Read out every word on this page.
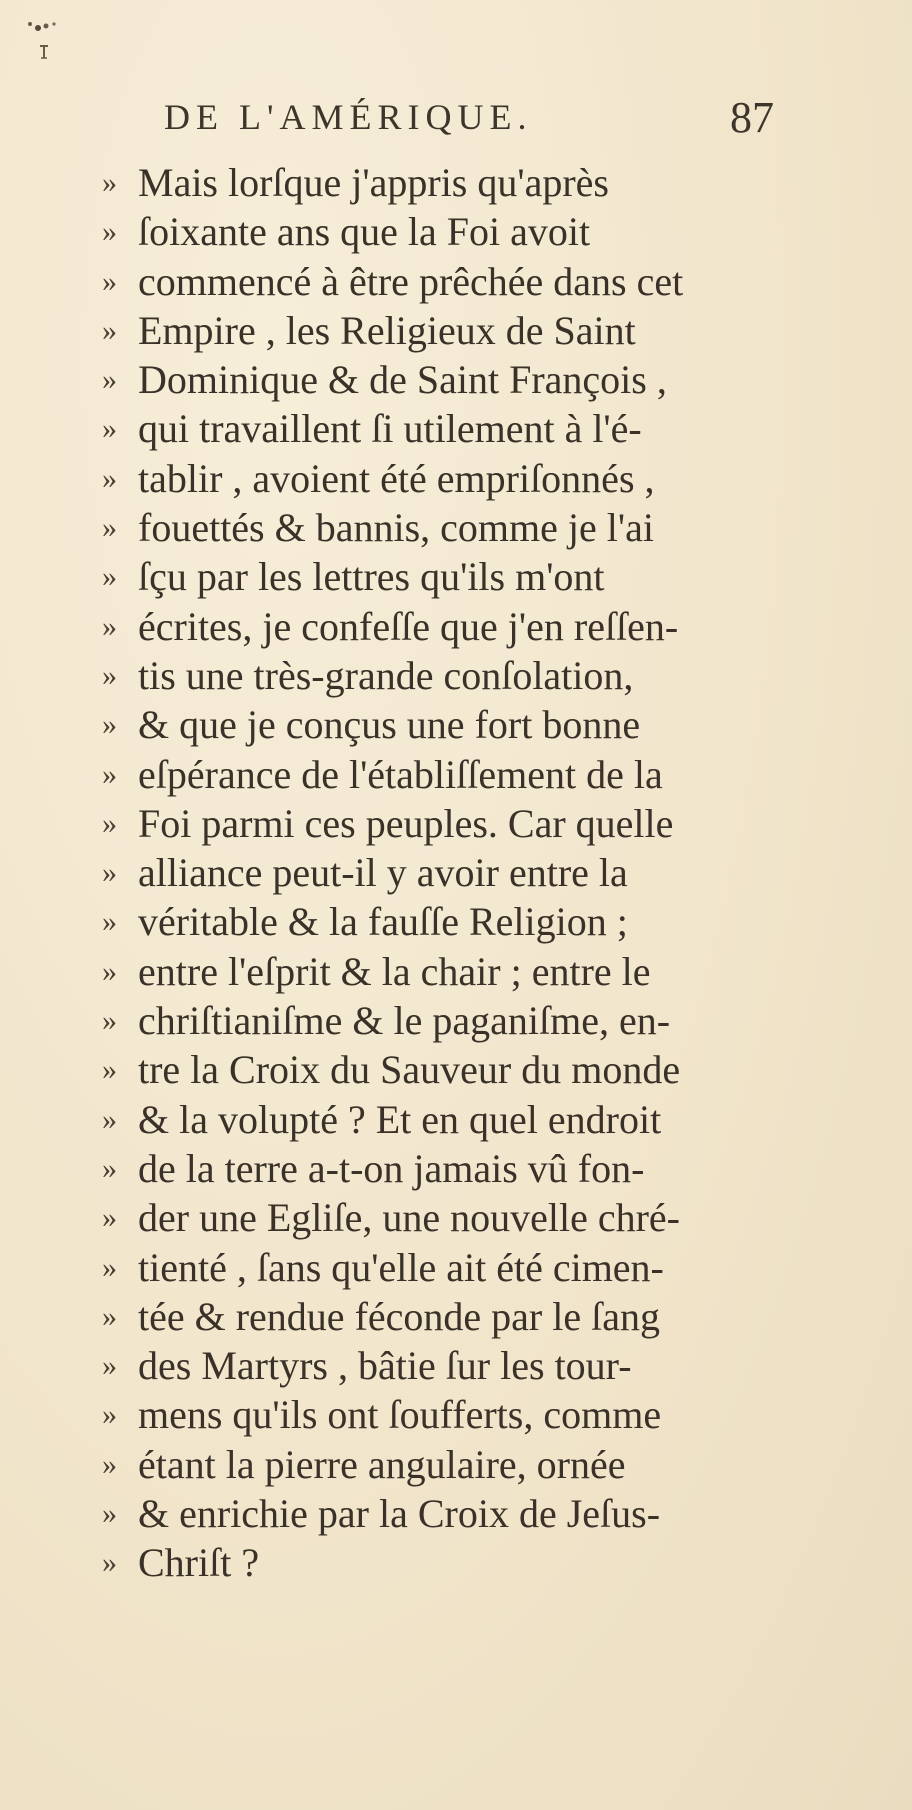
DE L'AMÉRIQUE.	87
» Mais lorſque j'appris qu'après
» ſoixante ans que la Foi avoit
» commencé à être prêchée dans cet
» Empire , les Religieux de Saint
» Dominique & de Saint François ,
» qui travaillent ſi utilement à l'é-
» tablir , avoient été empriſonnés ,
» fouettés & bannis, comme je l'ai
» ſçu par les lettres qu'ils m'ont
» écrites, je confeſſe que j'en reſſen-
» tis une très-grande conſolation,
» & que je conçus une fort bonne
» eſpérance de l'établiſſement de la
» Foi parmi ces peuples. Car quelle
» alliance peut-il y avoir entre la
» véritable & la fauſſe Religion ;
» entre l'eſprit & la chair ; entre le
» chriſtianiſme & le paganiſme, en-
» tre la Croix du Sauveur du monde
» & la volupté ? Et en quel endroit
» de la terre a-t-on jamais vû fon-
» der une Egliſe, une nouvelle chré-
» tienté , ſans qu'elle ait été cimen-
» tée & rendue féconde par le ſang
» des Martyrs , bâtie ſur les tour-
» mens qu'ils ont ſoufferts, comme
» étant la pierre angulaire, ornée
» & enrichie par la Croix de Jeſus-
» Chriſt ?
